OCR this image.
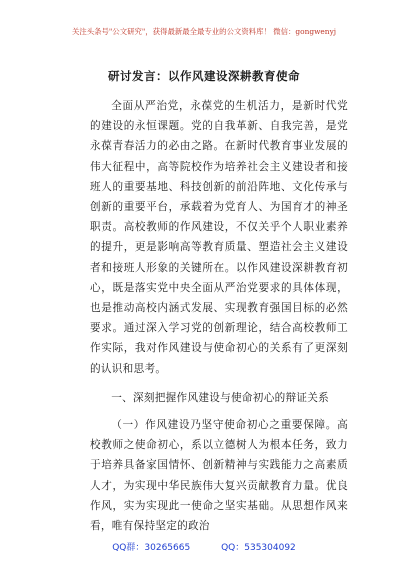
关注头条号"公文研究"，获得最新最全最专业的公文资料库！ 微信：gongwenyj
研讨发言：以作风建设深耕教育使命

全面从严治党，永葆党的生机活力，是新时代党的建设的永恒课题。党的自我革新、自我完善，是党永葆青春活力的必由之路。在新时代教育事业发展的伟大征程中，高等院校作为培养社会主义建设者和接班人的重要基地、科技创新的前沿阵地、文化传承与创新的重要平台，承载着为党育人、为国育才的神圣职责。高校教师的作风建设，不仅关乎个人职业素养的提升，更是影响高等教育质量、塑造社会主义建设者和接班人形象的关键所在。以作风建设深耕教育初心，既是落实党中央全面从严治党要求的具体体现，也是推动高校内涵式发展、实现教育强国目标的必然要求。通过深入学习党的创新理论，结合高校教师工作实际，我对作风建设与使命初心的关系有了更深刻的认识和思考。

一、深刻把握作风建设与使命初心的辩证关系

（一）作风建设乃坚守使命初心之重要保障。高校教师之使命初心，系以立德树人为根本任务，致力于培养具备家国情怀、创新精神与实践能力之高素质人才，为实现中华民族伟大复兴贡献教育力量。优良作风，实为实现此一使命之坚实基础。从思想作风来看，唯有保持坚定的政治

QQ群：30265665	QQ：535304092
